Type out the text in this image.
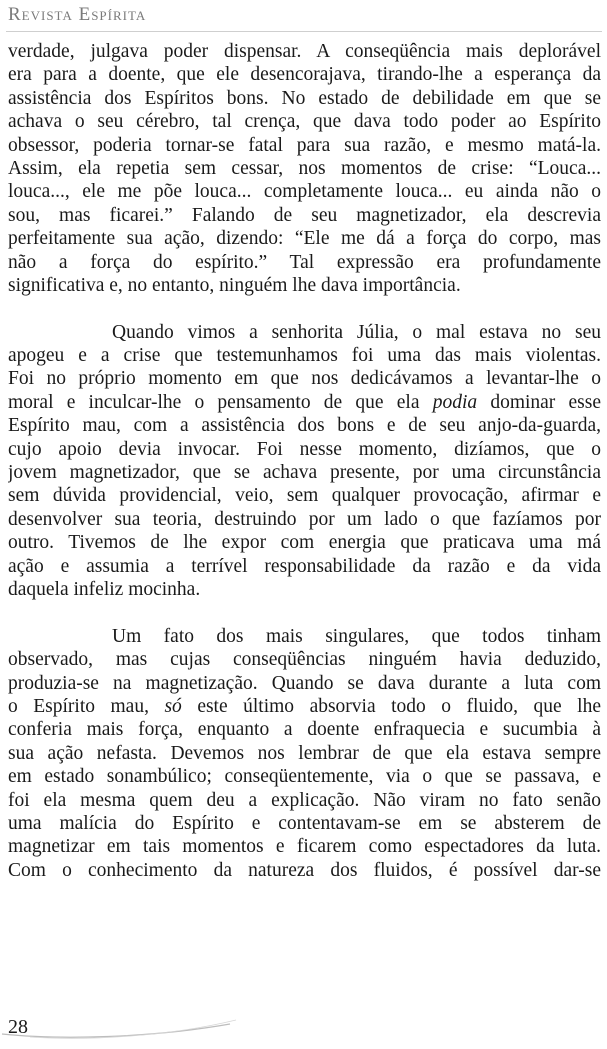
Revista Espírita
verdade, julgava poder dispensar. A conseqüência mais deplorável
era para a doente, que ele desencorajava, tirando-lhe a esperança da
assistência dos Espíritos bons. No estado de debilidade em que se
achava o seu cérebro, tal crença, que dava todo poder ao Espírito
obsessor, poderia tornar-se fatal para sua razão, e mesmo matá-la.
Assim, ela repetia sem cessar, nos momentos de crise: “Louca...
louca..., ele me põe louca... completamente louca... eu ainda não o
sou, mas ficarei.” Falando de seu magnetizador, ela descrevia
perfeitamente sua ação, dizendo: “Ele me dá a força do corpo, mas
não a força do espírito.” Tal expressão era profundamente
significativa e, no entanto, ninguém lhe dava importância.
Quando vimos a senhorita Júlia, o mal estava no seu
apogeu e a crise que testemunhamos foi uma das mais violentas.
Foi no próprio momento em que nos dedicávamos a levantar-lhe o
moral e inculcar-lhe o pensamento de que ela podia dominar esse
Espírito mau, com a assistência dos bons e de seu anjo-da-guarda,
cujo apoio devia invocar. Foi nesse momento, dizíamos, que o
jovem magnetizador, que se achava presente, por uma circunstância
sem dúvida providencial, veio, sem qualquer provocação, afirmar e
desenvolver sua teoria, destruindo por um lado o que fazíamos por
outro. Tivemos de lhe expor com energia que praticava uma má
ação e assumia a terrível responsabilidade da razão e da vida
daquela infeliz mocinha.
Um fato dos mais singulares, que todos tinham
observado, mas cujas conseqüências ninguém havia deduzido,
produzia-se na magnetização. Quando se dava durante a luta com
o Espírito mau, só este último absorvia todo o fluido, que lhe
conferia mais força, enquanto a doente enfraquecia e sucumbia à
sua ação nefasta. Devemos nos lembrar de que ela estava sempre
em estado sonambúlico; conseqüentemente, via o que se passava, e
foi ela mesma quem deu a explicação. Não viram no fato senão
uma malícia do Espírito e contentavam-se em se absterem de
magnetizar em tais momentos e ficarem como espectadores da luta.
Com o conhecimento da natureza dos fluidos, é possível dar-se
28
